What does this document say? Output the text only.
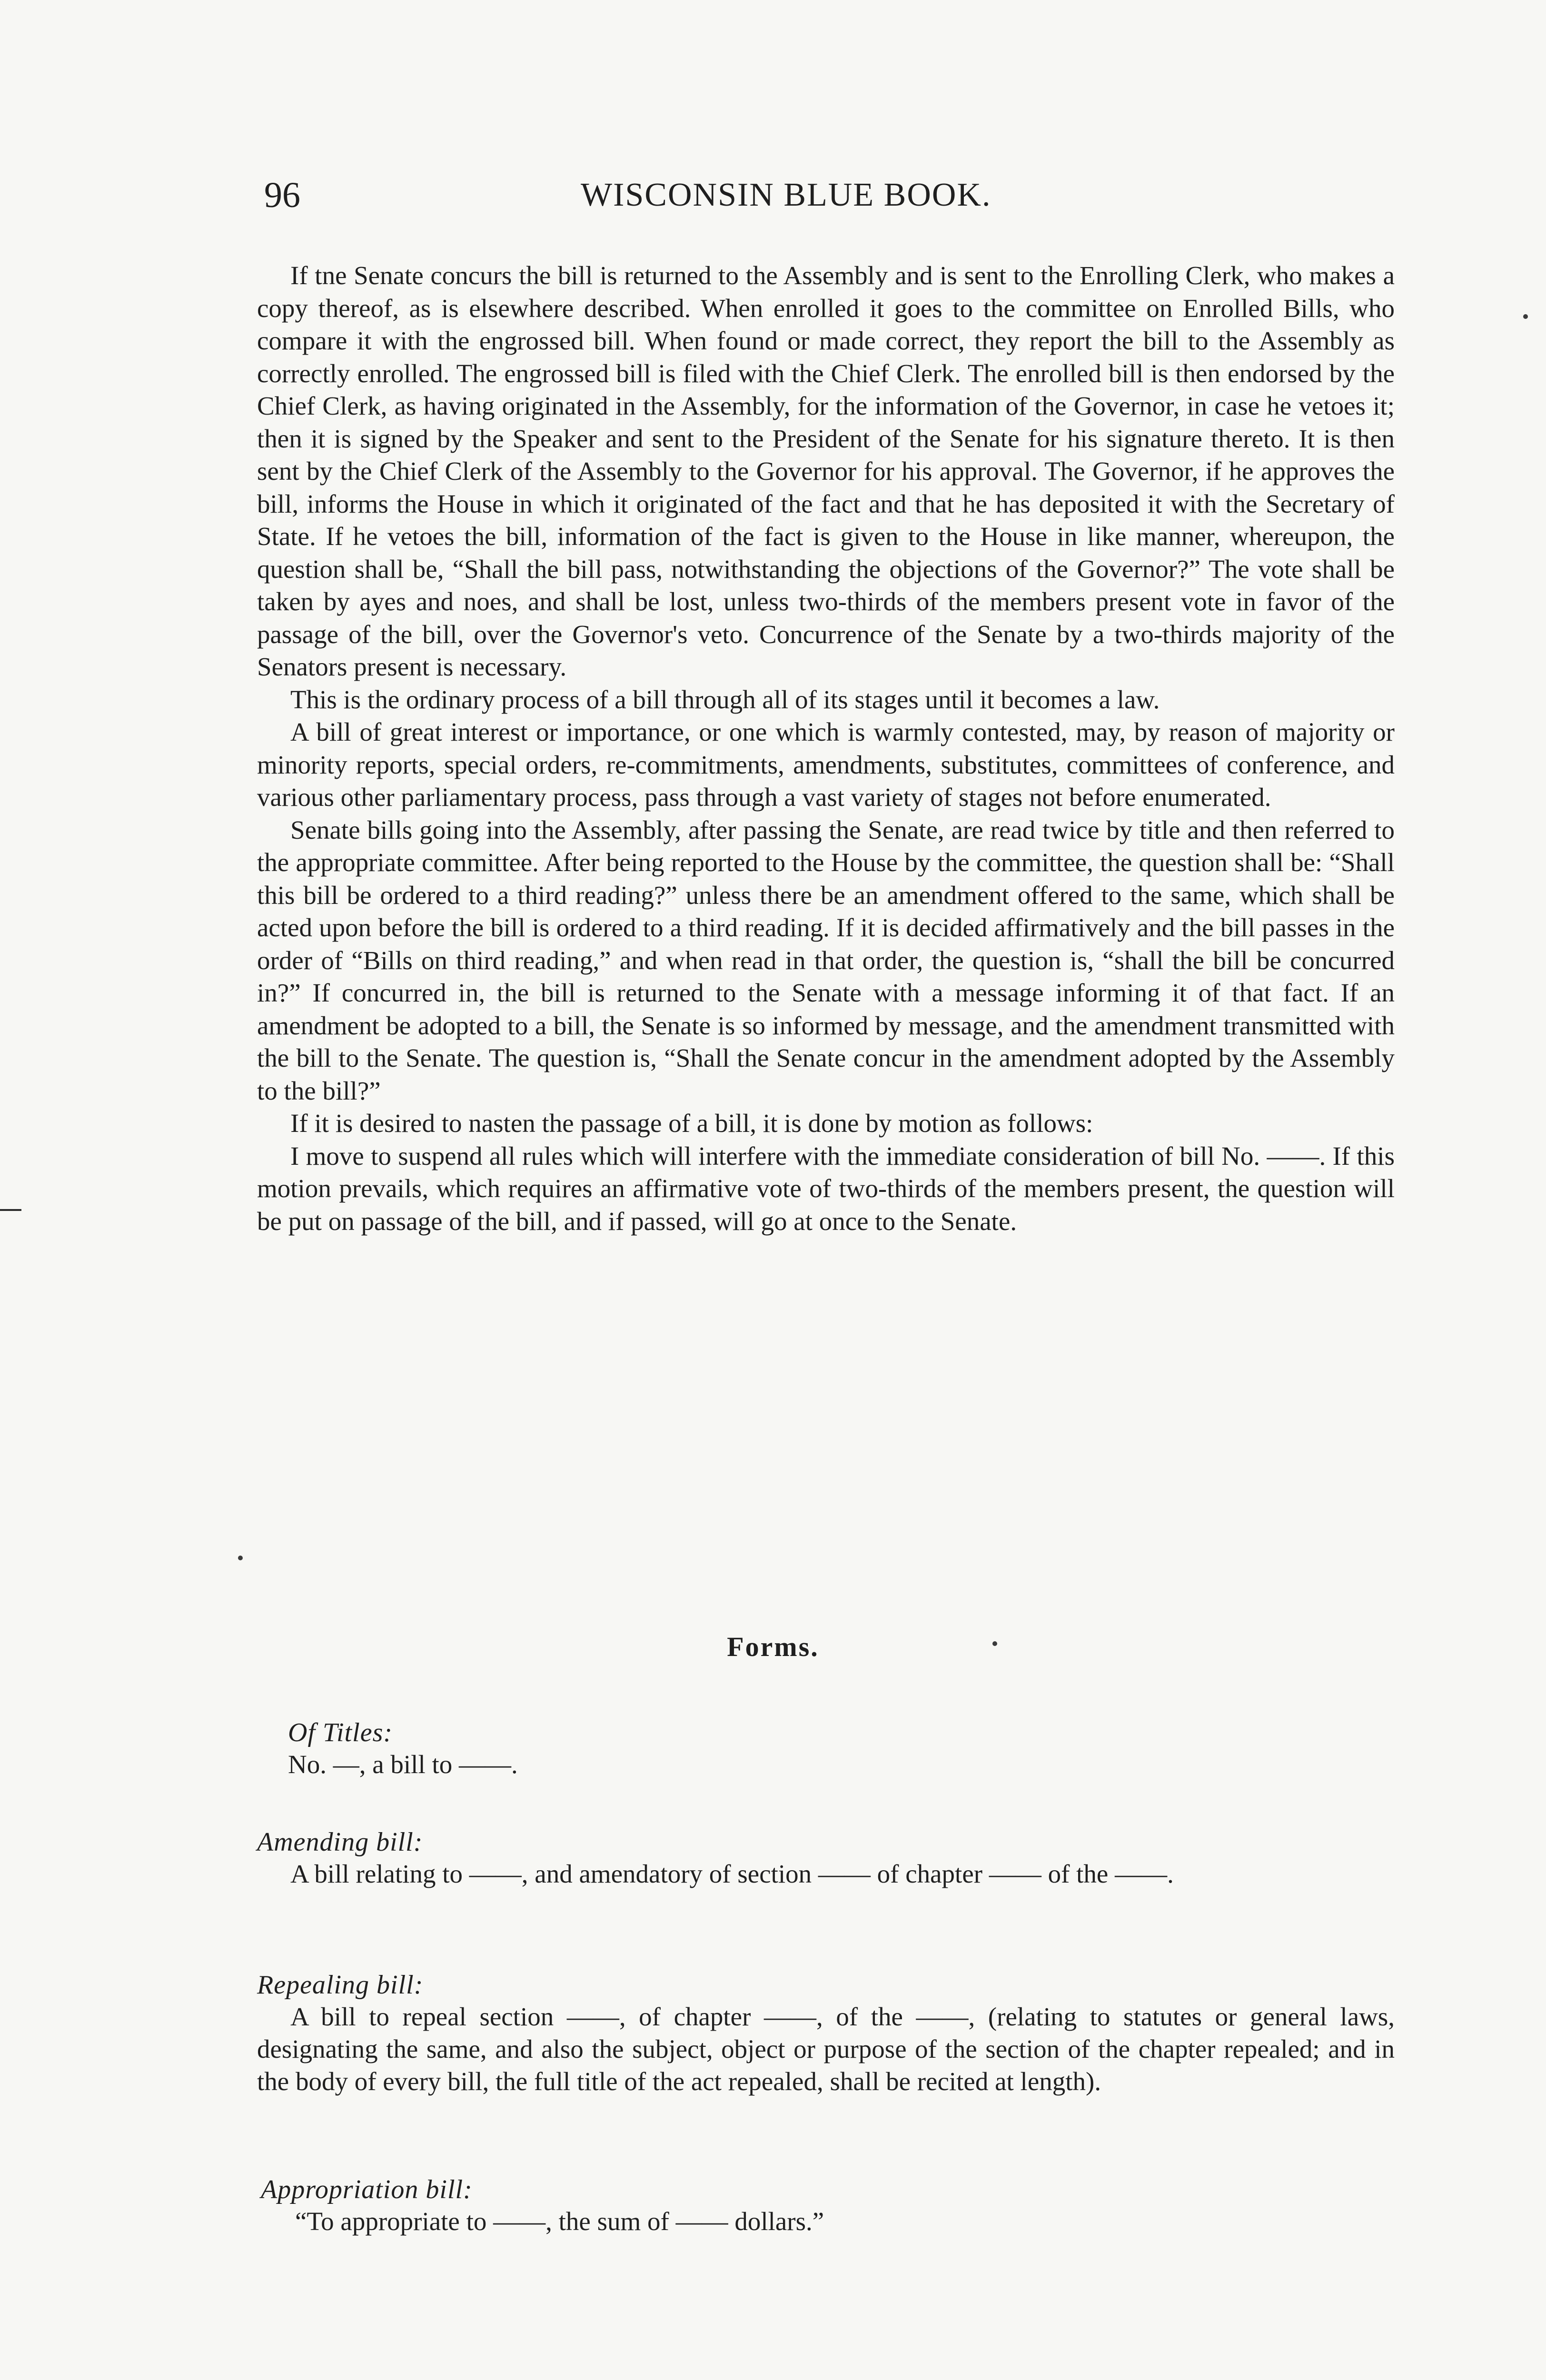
96	WISCONSIN BLUE BOOK.

If tne Senate concurs the bill is returned to the Assembly and is sent to the Enrolling Clerk, who makes a copy thereof, as is elsewhere described. When enrolled it goes to the committee on Enrolled Bills, who compare it with the engrossed bill. When found or made correct, they report the bill to the Assembly as correctly enrolled. The engrossed bill is filed with the Chief Clerk. The enrolled bill is then endorsed by the Chief Clerk, as having originated in the Assembly, for the information of the Governor, in case he vetoes it; then it is signed by the Speaker and sent to the President of the Senate for his signature thereto. It is then sent by the Chief Clerk of the Assembly to the Governor for his approval. The Governor, if he approves the bill, informs the House in which it originated of the fact and that he has deposited it with the Secretary of State. If he vetoes the bill, information of the fact is given to the House in like manner, whereupon, the question shall be, “Shall the bill pass, notwithstanding the objections of the Governor?” The vote shall be taken by ayes and noes, and shall be lost, unless two-thirds of the members present vote in favor of the passage of the bill, over the Governor's veto. Concurrence of the Senate by a two-thirds majority of the Senators present is necessary.

This is the ordinary process of a bill through all of its stages until it becomes a law.

A bill of great interest or importance, or one which is warmly contested, may, by reason of majority or minority reports, special orders, re-commitments, amendments, substitutes, committees of conference, and various other parliamentary process, pass through a vast variety of stages not before enumerated.

Senate bills going into the Assembly, after passing the Senate, are read twice by title and then referred to the appropriate committee. After being reported to the House by the committee, the question shall be: “Shall this bill be ordered to a third reading?” unless there be an amendment offered to the same, which shall be acted upon before the bill is ordered to a third reading. If it is decided affirmatively and the bill passes in the order of “Bills on third reading,” and when read in that order, the question is, “shall the bill be concurred in?” If concurred in, the bill is returned to the Senate with a message informing it of that fact. If an amendment be adopted to a bill, the Senate is so informed by message, and the amendment transmitted with the bill to the Senate. The question is, “Shall the Senate concur in the amendment adopted by the Assembly to the bill?”

If it is desired to nasten the passage of a bill, it is done by motion as follows:

I move to suspend all rules which will interfere with the immediate consideration of bill No. ——. If this motion prevails, which requires an affirmative vote of two-thirds of the members present, the question will be put on passage of the bill, and if passed, will go at once to the Senate.

Forms.
Of Titles:
No. —, a bill to ——.
Amending bill:
A bill relating to ——, and amendatory of section —— of chapter —— of the ——.
Repealing bill:
A bill to repeal section ——, of chapter ——, of the ——, (relating to statutes or general laws, designating the same, and also the subject, object or purpose of the section of the chapter repealed; and in the body of every bill, the full title of the act repealed, shall be recited at length).
Appropriation bill:
“To appropriate to ——, the sum of —— dollars.”
